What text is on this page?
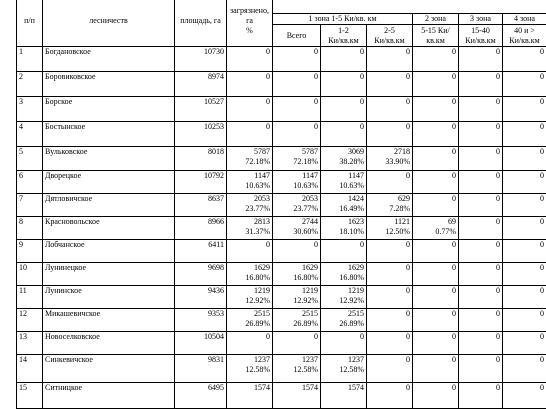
п/п	лесничеств	площадь, га	загрязнено,
га
%						

				1 зона 1-5 Ки/кв. км			2 зона	3 зона	4 зона
				Всего	1-2
Ки/кв.км	2-5
Ки/кв.км	5-15 Ки/кв.км	15-40
Ки/кв.км	40 и >
Ки/кв.км

1	Богдановское	10730	0	0	0	0	0	0	0

2	Боровиковское	8974	0	0	0	0	0	0	0

3	Борское	10527	0	0	0	0	0	0	0

4	Бостынское	10253	0	0	0	0	0	0	0

5	Вульковское	8018	5787
72.18%	5787
72.18%	3069
38.28%	2718
33.90%	0	0	0

6	Дворецкое	10792	1147
10.63%	1147
10.63%	1147
10.63%	0	0	0	0

7	Дятловичское	8637	2053
23.77%	2053
23.77%	1424
16.49%	629
7.28%	0	0	0

8	Красновольское	8966	2813
31.37%	2744
30.60%	1623
18.10%	1121
12.50%	69
0.77%	0	0

9	Лобчанское	6411	0	0	0	0	0	0	0

10	Лунинецкое	9698	1629
16.80%	1629
16.80%	1629
16.80%	0	0	0	0

11	Лунинское	9436	1219
12.92%	1219
12.92%	1219
12.92%	0	0	0	0

12	Микашевичское	9353	2515
26.89%	2515
26.89%	2515
26.89%	0	0	0	0

13	Новоселковское	10504	0	0	0	0	0	0	0

14	Синкевичское	9831	1237
12.58%	1237
12.58%	1237
12.58%	0	0	0	0

15	Ситницкое	6495	1574	1574	1574	0	0	0	0
